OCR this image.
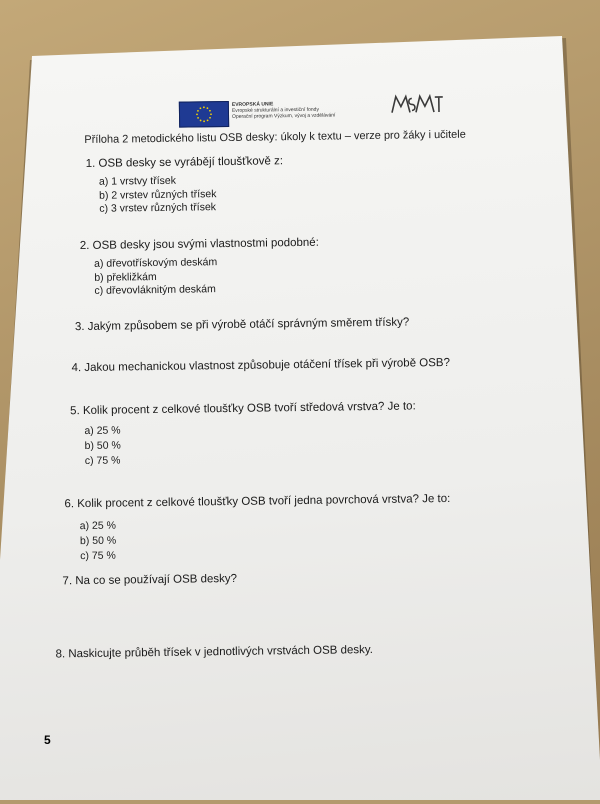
EVROPSKÁ UNIE
Evropské strukturální a investiční fondy
Operační program Výzkum, vývoj a vzdělávání
Příloha 2 metodického listu OSB desky: úkoly k textu – verze pro žáky i učitele
1. OSB desky se vyrábějí tloušťkově z:
a) 1 vrstvy třísek
b) 2 vrstev různých třísek
c) 3 vrstev různých třísek
2. OSB desky jsou svými vlastnostmi podobné:
a) dřevotřískovým deskám
b) překližkám
c) dřevovláknitým deskám
3. Jakým způsobem se při výrobě otáčí správným směrem třísky?
4. Jakou mechanickou vlastnost způsobuje otáčení třísek při výrobě OSB?
5. Kolik procent z celkové tloušťky OSB tvoří středová vrstva? Je to:
a) 25 %
b) 50 %
c) 75 %
6. Kolik procent z celkové tloušťky OSB tvoří jedna povrchová vrstva? Je to:
a) 25 %
b) 50 %
c) 75 %
7. Na co se používají OSB desky?
8. Naskicujte průběh třísek v jednotlivých vrstvách OSB desky.
5
